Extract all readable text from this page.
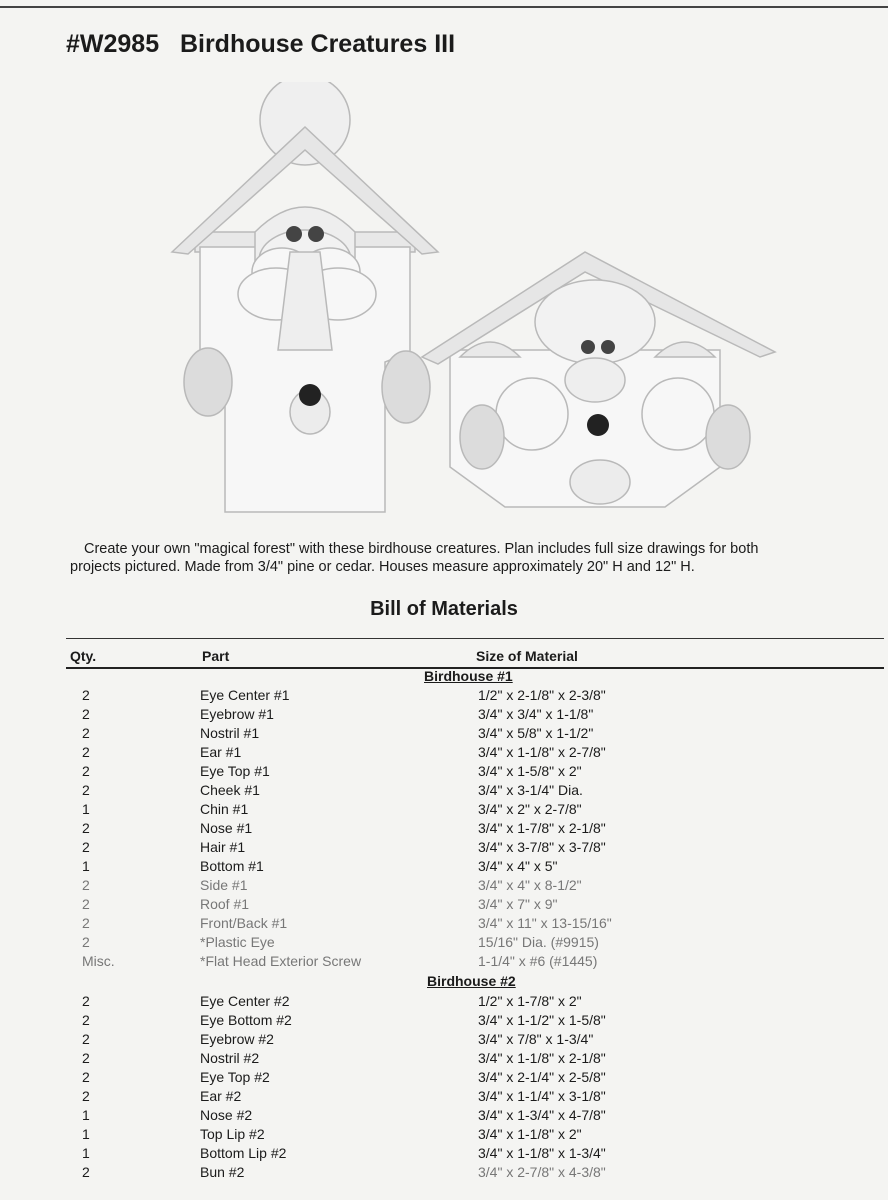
#W2985   Birdhouse Creatures III

Create your own "magical forest" with these birdhouse creatures. Plan includes full size drawings for both

projects pictured. Made from 3/4" pine or cedar. Houses measure approximately 20" H and 12" H.

Bill of Materials
Qty.	Part	Size of Material
Birdhouse #1
2	Eye Center #1	1/2" x 2-1/8" x 2-3/8"
2	Eyebrow #1	3/4" x 3/4" x 1-1/8"
2	Nostril #1	3/4" x 5/8" x 1-1/2"
2	Ear #1	3/4" x 1-1/8" x 2-7/8"
2	Eye Top #1	3/4" x 1-5/8" x 2"
2	Cheek #1	3/4" x 3-1/4" Dia.
1	Chin #1	3/4" x 2" x 2-7/8"
2	Nose #1	3/4" x 1-7/8" x 2-1/8"
2	Hair #1	3/4" x 3-7/8" x 3-7/8"
1	Bottom #1	3/4" x 4" x 5"
2	Side #1	3/4" x 4" x 8-1/2"
2	Roof #1	3/4" x 7" x 9"
2	Front/Back #1	3/4" x 11" x 13-15/16"
2	*Plastic Eye	15/16" Dia. (#9915)
Misc.	*Flat Head Exterior Screw	1-1/4" x #6 (#1445)
Birdhouse #2
2	Eye Center #2	1/2" x 1-7/8" x 2"
2	Eye Bottom #2	3/4" x 1-1/2" x 1-5/8"
2	Eyebrow #2	3/4" x 7/8" x 1-3/4"
2	Nostril #2	3/4" x 1-1/8" x 2-1/8"
2	Eye Top #2	3/4" x 2-1/4" x 2-5/8"
2	Ear #2	3/4" x 1-1/4" x 3-1/8"
1	Nose #2	3/4" x 1-3/4" x 4-7/8"
1	Top Lip #2	3/4" x 1-1/8" x 2"
1	Bottom Lip #2	3/4" x 1-1/8" x 1-3/4"
2	Bun #2	3/4" x 2-7/8" x 4-3/8"
